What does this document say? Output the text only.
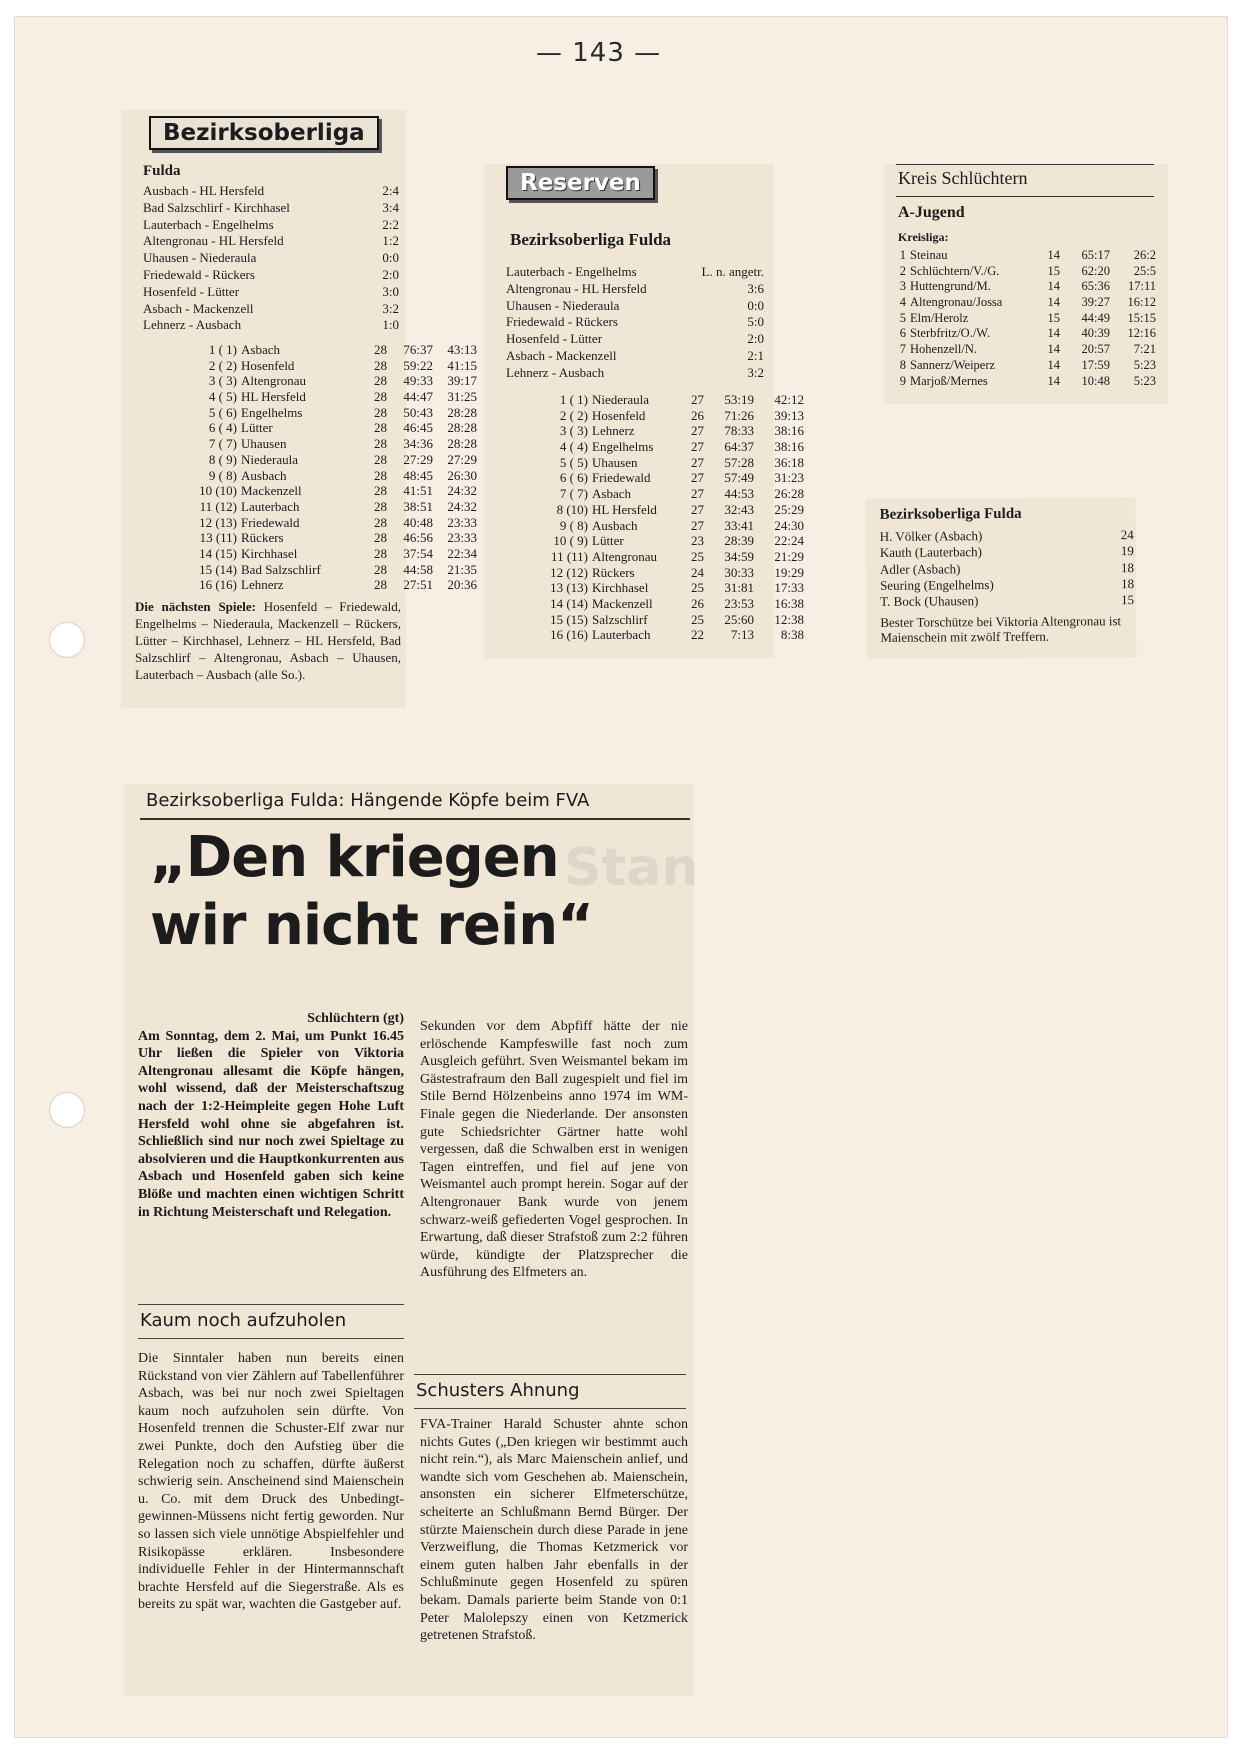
— 143 —
Bezirksoberliga
Fulda
Ausbach - HL Hersfeld	2:4
Bad Salzschlirf - Kirchhasel	3:4
Lauterbach - Engelhelms	2:2
Altengronau - HL Hersfeld	1:2
Uhausen - Niederaula	0:0
Friedewald - Rückers	2:0
Hosenfeld - Lütter	3:0
Asbach - Mackenzell	3:2
Lehnerz - Ausbach	1:0
1 ( 1) Asbach	28	76:37	43:13
2 ( 2) Hosenfeld	28	59:22	41:15
3 ( 3) Altengronau	28	49:33	39:17
4 ( 5) HL Hersfeld	28	44:47	31:25
5 ( 6) Engelhelms	28	50:43	28:28
6 ( 4) Lütter	28	46:45	28:28
7 ( 7) Uhausen	28	34:36	28:28
8 ( 9) Niederaula	28	27:29	27:29
9 ( 8) Ausbach	28	48:45	26:30
10 (10) Mackenzell	28	41:51	24:32
11 (12) Lauterbach	28	38:51	24:32
12 (13) Friedewald	28	40:48	23:33
13 (11) Rückers	28	46:56	23:33
14 (15) Kirchhasel	28	37:54	22:34
15 (14) Bad Salzschlirf	28	44:58	21:35
16 (16) Lehnerz	28	27:51	20:36
Die nächsten Spiele: Hosenfeld – Friedewald, Engelhelms – Niederaula, Mackenzell – Rückers, Lütter – Kirchhasel, Lehnerz – HL Hersfeld, Bad Salzschlirf – Altengronau, Asbach – Uhausen, Lauterbach – Ausbach (alle So.).
Reserven
Bezirksoberliga Fulda
Lauterbach - Engelhelms	L. n. angetr.
Altengronau - HL Hersfeld	3:6
Uhausen - Niederaula	0:0
Friedewald - Rückers	5:0
Hosenfeld - Lütter	2:0
Asbach - Mackenzell	2:1
Lehnerz - Ausbach	3:2
1 ( 1) Niederaula	27	53:19	42:12
2 ( 2) Hosenfeld	26	71:26	39:13
3 ( 3) Lehnerz	27	78:33	38:16
4 ( 4) Engelhelms	27	64:37	38:16
5 ( 5) Uhausen	27	57:28	36:18
6 ( 6) Friedewald	27	57:49	31:23
7 ( 7) Asbach	27	44:53	26:28
8 (10) HL Hersfeld	27	32:43	25:29
9 ( 8) Ausbach	27	33:41	24:30
10 ( 9) Lütter	23	28:39	22:24
11 (11) Altengronau	25	34:59	21:29
12 (12) Rückers	24	30:33	19:29
13 (13) Kirchhasel	25	31:81	17:33
14 (14) Mackenzell	26	23:53	16:38
15 (15) Salzschlirf	25	25:60	12:38
16 (16) Lauterbach	22	7:13	8:38
Kreis Schlüchtern
A-Jugend
Kreisliga:
1 Steinau	14	65:17	26:2
2 Schlüchtern/V./G.	15	62:20	25:5
3 Huttengrund/M.	14	65:36	17:11
4 Altengronau/Jossa	14	39:27	16:12
5 Elm/Herolz	15	44:49	15:15
6 Sterbfritz/O./W.	14	40:39	12:16
7 Hohenzell/N.	14	20:57	7:21
8 Sannerz/Weiperz	14	17:59	5:23
9 Marjoß/Mernes	14	10:48	5:23
Bezirksoberliga Fulda
H. Völker (Asbach)	24
Kauth (Lauterbach)	19
Adler (Asbach)	18
Seuring (Engelhelms)	18
T. Bock (Uhausen)	15
Bester Torschütze bei Viktoria Altengronau ist Maienschein mit zwölf Treffern.
Bezirksoberliga Fulda: Hängende Köpfe beim FVA
Stan
„Den kriegen
wir nicht rein“
Schlüchtern (gt)

Am Sonntag, dem 2. Mai, um Punkt 16.45 Uhr ließen die Spieler von Viktoria Altengronau allesamt die Köpfe hängen, wohl wissend, daß der Meisterschaftszug nach der 1:2-Heimpleite gegen Hohe Luft Hersfeld wohl ohne sie abgefahren ist. Schließlich sind nur noch zwei Spieltage zu absolvieren und die Hauptkonkurrenten aus Asbach und Hosenfeld gaben sich keine Blöße und machten einen wichtigen Schritt in Richtung Meisterschaft und Relegation.

Kaum noch aufzuholen

Die Sinntaler haben nun bereits einen Rückstand von vier Zählern auf Tabellenführer Asbach, was bei nur noch zwei Spieltagen kaum noch aufzuholen sein dürfte. Von Hosenfeld trennen die Schuster-Elf zwar nur zwei Punkte, doch den Aufstieg über die Relegation noch zu schaffen, dürfte äußerst schwierig sein. Anscheinend sind Maienschein u. Co. mit dem Druck des Unbedingt-gewinnen-Müssens nicht fertig geworden. Nur so lassen sich viele unnötige Abspielfehler und Risikopässe erklären. Insbesondere individuelle Fehler in der Hintermannschaft brachte Hersfeld auf die Siegerstraße. Als es bereits zu spät war, wachten die Gastgeber auf.

Sekunden vor dem Abpfiff hätte der nie erlöschende Kampfeswille fast noch zum Ausgleich geführt. Sven Weismantel bekam im Gästestrafraum den Ball zugespielt und fiel im Stile Bernd Hölzenbeins anno 1974 im WM-Finale gegen die Niederlande. Der ansonsten gute Schiedsrichter Gärtner hatte wohl vergessen, daß die Schwalben erst in wenigen Tagen eintreffen, und fiel auf jene von Weismantel auch prompt herein. Sogar auf der Altengronauer Bank wurde von jenem schwarz-weiß gefiederten Vogel gesprochen. In Erwartung, daß dieser Strafstoß zum 2:2 führen würde, kündigte der Platzsprecher die Ausführung des Elfmeters an.

Schusters Ahnung

FVA-Trainer Harald Schuster ahnte schon nichts Gutes („Den kriegen wir bestimmt auch nicht rein.“), als Marc Maienschein anlief, und wandte sich vom Geschehen ab. Maienschein, ansonsten ein sicherer Elfmeterschütze, scheiterte an Schlußmann Bernd Bürger. Der stürzte Maienschein durch diese Parade in jene Verzweiflung, die Thomas Ketzmerick vor einem guten halben Jahr ebenfalls in der Schlußminute gegen Hosenfeld zu spüren bekam. Damals parierte beim Stande von 0:1 Peter Malolepszy einen von Ketzmerick getretenen Strafstoß.
